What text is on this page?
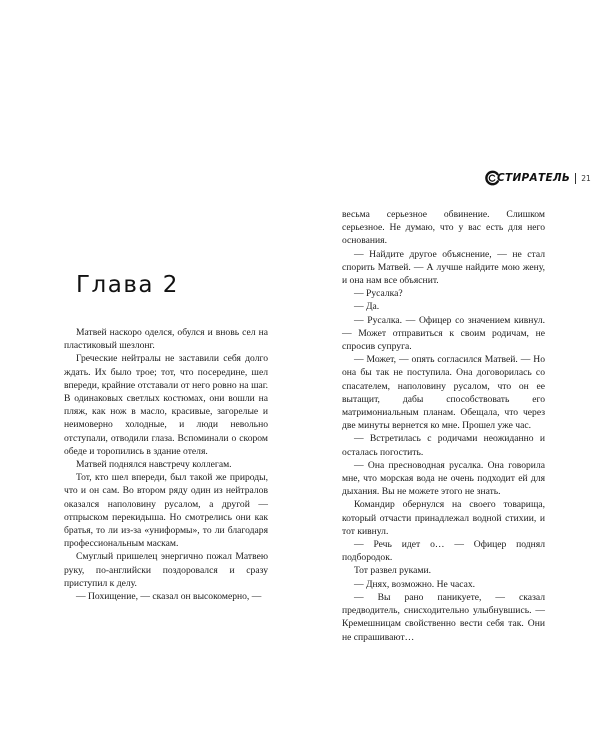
Глава 2

Матвей наскоро оделся, обулся и вновь сел на пластиковый шезлонг.

Греческие нейтралы не заставили себя долго ждать. Их было трое; тот, что посередине, шел впереди, крайние отставали от него ровно на шаг. В одинаковых светлых костюмах, они вошли на пляж, как нож в масло, красивые, загорелые и неимоверно холодные, и люди невольно отступали, отводили глаза. Вспоминали о скором обеде и торопились в здание отеля.

Матвей поднялся навстречу коллегам.

Тот, кто шел впереди, был такой же природы, что и он сам. Во втором ряду один из нейтралов оказался наполовину русалом, а другой — отпрыском перекидыша. Но смотрелись они как братья, то ли из-за «униформы», то ли благодаря профессиональным маскам.

Смуглый пришелец энергично пожал Матвею руку, по-английски поздоровался и сразу приступил к делу.

— Похищение, — сказал он высокомерно, —

СТИРАТЕЛЬ 21

весьма серьезное обвинение. Слишком серьезное. Не думаю, что у вас есть для него основания.

— Найдите другое объяснение, — не стал спорить Матвей. — А лучше найдите мою жену, и она нам все объяснит.

— Русалка?

— Да.

— Русалка. — Офицер со значением кивнул. — Может отправиться к своим родичам, не спросив супруга.

— Может, — опять согласился Матвей. — Но она бы так не поступила. Она договорилась со спасателем, наполовину русалом, что он ее вытащит, дабы способствовать его матримониальным планам. Обещала, что через две минуты вернется ко мне. Прошел уже час.

— Встретилась с родичами неожиданно и осталась погостить.

— Она пресноводная русалка. Она говорила мне, что морская вода не очень подходит ей для дыхания. Вы не можете этого не знать.

Командир обернулся на своего товарища, который отчасти принадлежал водной стихии, и тот кивнул.

— Речь идет о… — Офицер поднял подбородок.

Тот развел руками.

— Днях, возможно. Не часах.

— Вы рано паникуете, — сказал предводитель, снисходительно улыбнувшись. — Кремешницам свойственно вести себя так. Они не спрашивают…
